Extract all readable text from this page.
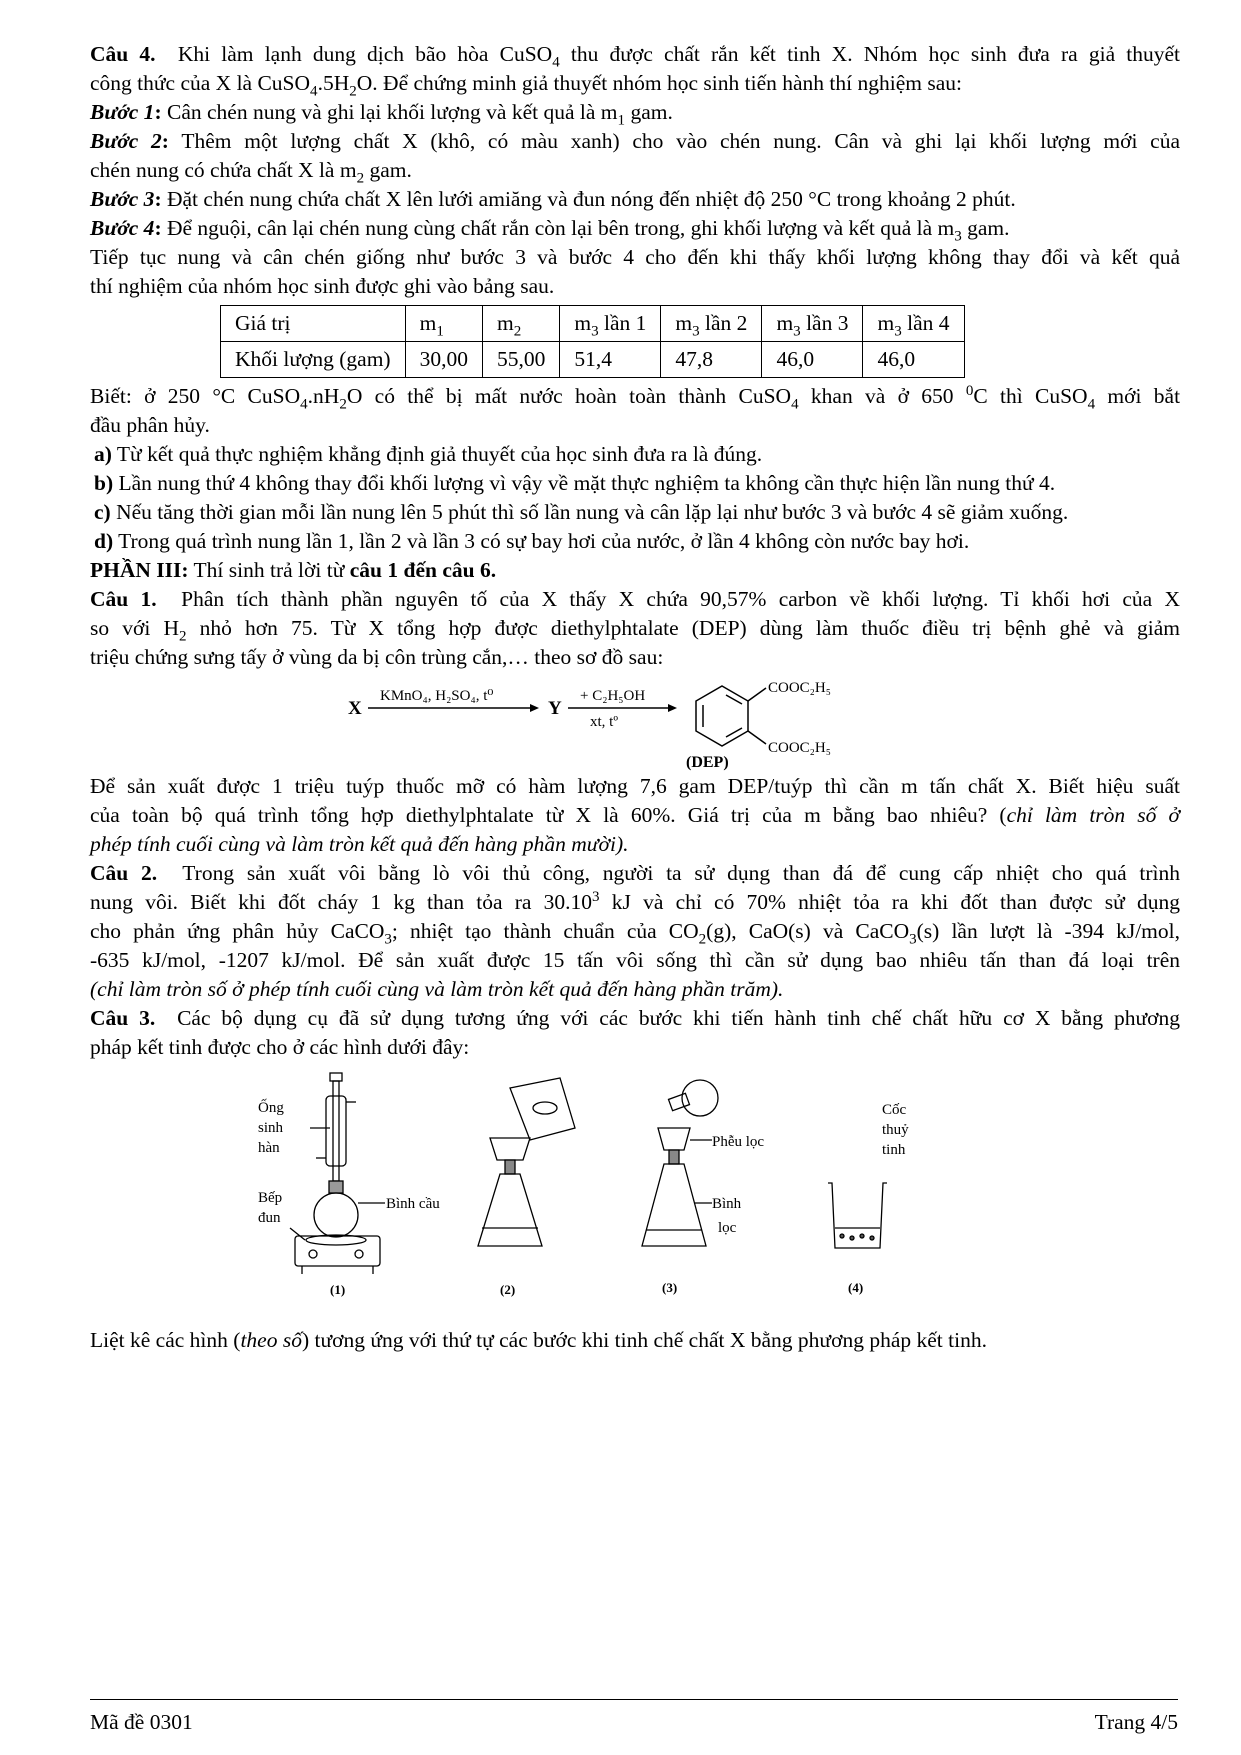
Câu 4. Khi làm lạnh dung dịch bão hòa CuSO$_4$ thu được chất rắn kết tinh X. Nhóm học sinh đưa ra giả thuyết

công thức của X là $CuSO_4.5H_2O$. Để chứng minh giả thuyết nhóm học sinh tiến hành thí nghiệm sau:

Bước 1: Cân chén nung và ghi lại khối lượng và kết quả là $m_1$ gam.

Bước 2: Thêm một lượng chất X (khô, có màu xanh) cho vào chén nung. Cân và ghi lại khối lượng mới của

chén nung có chứa chất X là $m_2$ gam.

Bước 3: Đặt chén nung chứa chất X lên lưới amiăng và đun nóng đến nhiệt độ 250 °C trong khoảng 2 phút.

Bước 4: Để nguội, cân lại chén nung cùng chất rắn còn lại bên trong, ghi khối lượng và kết quả là $m_3$ gam.

Tiếp tục nung và cân chén giống như bước 3 và bước 4 cho đến khi thấy khối lượng không thay đổi và kết quả

thí nghiệm của nhóm học sinh được ghi vào bảng sau.

Giá trị	$m_1$	$m_2$	$m_3$ lần 1	$m_3$ lần 2	$m_3$ lần 3	$m_3$ lần 4
Khối lượng (gam)	30,00	55,00	51,4	47,8	46,0	46,0

Biết: ở 250 °C $CuSO_4.nH_2O$ có thể bị mất nước hoàn toàn thành CuSO$_4$ khan và ở 650 $^0$C thì CuSO$_4$ mới bắt

đầu phân hủy.

a) Từ kết quả thực nghiệm khẳng định giả thuyết của học sinh đưa ra là đúng.

b) Lần nung thứ 4 không thay đổi khối lượng vì vậy về mặt thực nghiệm ta không cần thực hiện lần nung thứ 4.

c) Nếu tăng thời gian mỗi lần nung lên 5 phút thì số lần nung và cân lặp lại như bước 3 và bước 4 sẽ giảm xuống.

d) Trong quá trình nung lần 1, lần 2 và lần 3 có sự bay hơi của nước, ở lần 4 không còn nước bay hơi.

PHẦN III: Thí sinh trả lời từ câu 1 đến câu 6.

Câu 1. Phân tích thành phần nguyên tố của X thấy X chứa 90,57% carbon về khối lượng. Tỉ khối hơi của X

so với $H_2$ nhỏ hơn 75. Từ X tổng hợp được diethylphtalate (DEP) dùng làm thuốc điều trị bệnh ghẻ và giảm

triệu chứng sưng tấy ở vùng da bị côn trùng cắn,… theo sơ đồ sau:

X
KMnO₄, H₂SO₄, t⁰
Y
+ C₂H₅OH
xt, tº
COOC₂H₅
COOC₂H₅
(DEP)

Để sản xuất được 1 triệu tuýp thuốc mỡ có hàm lượng 7,6 gam DEP/tuýp thì cần m tấn chất X. Biết hiệu suất

của toàn bộ quá trình tổng hợp diethylphtalate từ X là 60%. Giá trị của m bằng bao nhiêu? (chỉ làm tròn số ở

phép tính cuối cùng và làm tròn kết quả đến hàng phần mười).

Câu 2. Trong sản xuất vôi bằng lò vôi thủ công, người ta sử dụng than đá để cung cấp nhiệt cho quá trình

nung vôi. Biết khi đốt cháy 1 kg than tỏa ra 30.10$^3$ kJ và chỉ có 70% nhiệt tỏa ra khi đốt than được sử dụng

cho phản ứng phân hủy CaCO$_3$; nhiệt tạo thành chuẩn của $CO_2(g)$, CaO(s) và CaCO$_3$(s) lần lượt là -394 kJ/mol,

-635 kJ/mol, -1207 kJ/mol. Để sản xuất được 15 tấn vôi sống thì cần sử dụng bao nhiêu tấn than đá loại trên

(chỉ làm tròn số ở phép tính cuối cùng và làm tròn kết quả đến hàng phần trăm).

Câu 3. Các bộ dụng cụ đã sử dụng tương ứng với các bước khi tiến hành tinh chế chất hữu cơ X bằng phương

pháp kết tinh được cho ở các hình dưới đây:

Ống
sinh
hàn
Bếp
đun
Bình cầu
(1)	(2)
Phễu lọc
Bình
lọc
(3)
Cốc
thuỷ
tinh
(4)

Liệt kê các hình (theo số) tương ứng với thứ tự các bước khi tinh chế chất X bằng phương pháp kết tinh.

Mã đề 0301	Trang 4/5
